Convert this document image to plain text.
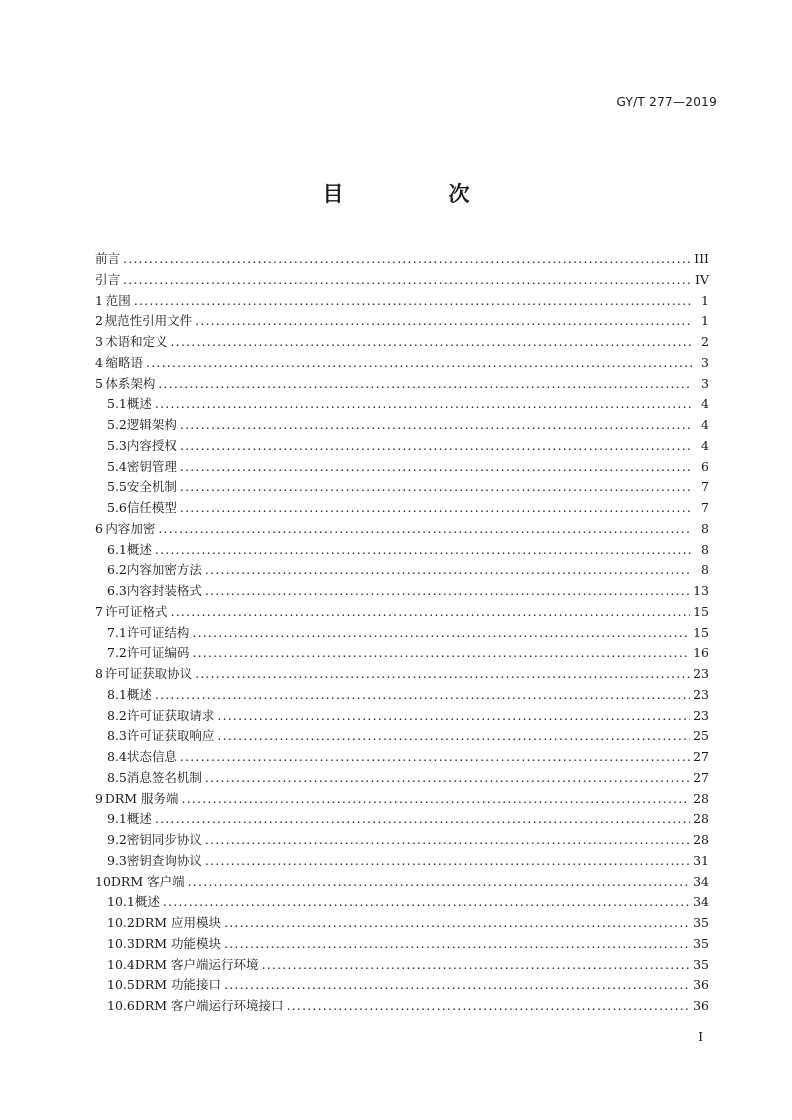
GY/T 277—2019
目　次
前言 .....	III
引言 .....	IV
1 范围 .....	1
2 规范性引用文件 .....	1
3 术语和定义 .....	2
4 缩略语 .....	3
5 体系架构 .....	3
5.1 概述 .....	4
5.2 逻辑架构 .....	4
5.3 内容授权 .....	4
5.4 密钥管理 .....	6
5.5 安全机制 .....	7
5.6 信任模型 .....	7
6 内容加密 .....	8
6.1 概述 .....	8
6.2 内容加密方法 .....	8
6.3 内容封装格式 .....	13
7 许可证格式 .....	15
7.1 许可证结构 .....	15
7.2 许可证编码 .....	16
8 许可证获取协议 .....	23
8.1 概述 .....	23
8.2 许可证获取请求 .....	23
8.3 许可证获取响应 .....	25
8.4 状态信息 .....	27
8.5 消息签名机制 .....	27
9 DRM 服务端 .....	28
9.1 概述 .....	28
9.2 密钥同步协议 .....	28
9.3 密钥查询协议 .....	31
10 DRM 客户端 .....	34
10.1 概述 .....	34
10.2 DRM 应用模块 .....	35
10.3 DRM 功能模块 .....	35
10.4 DRM 客户端运行环境 .....	35
10.5 DRM 功能接口 .....	36
10.6 DRM 客户端运行环境接口 .....	36
I
